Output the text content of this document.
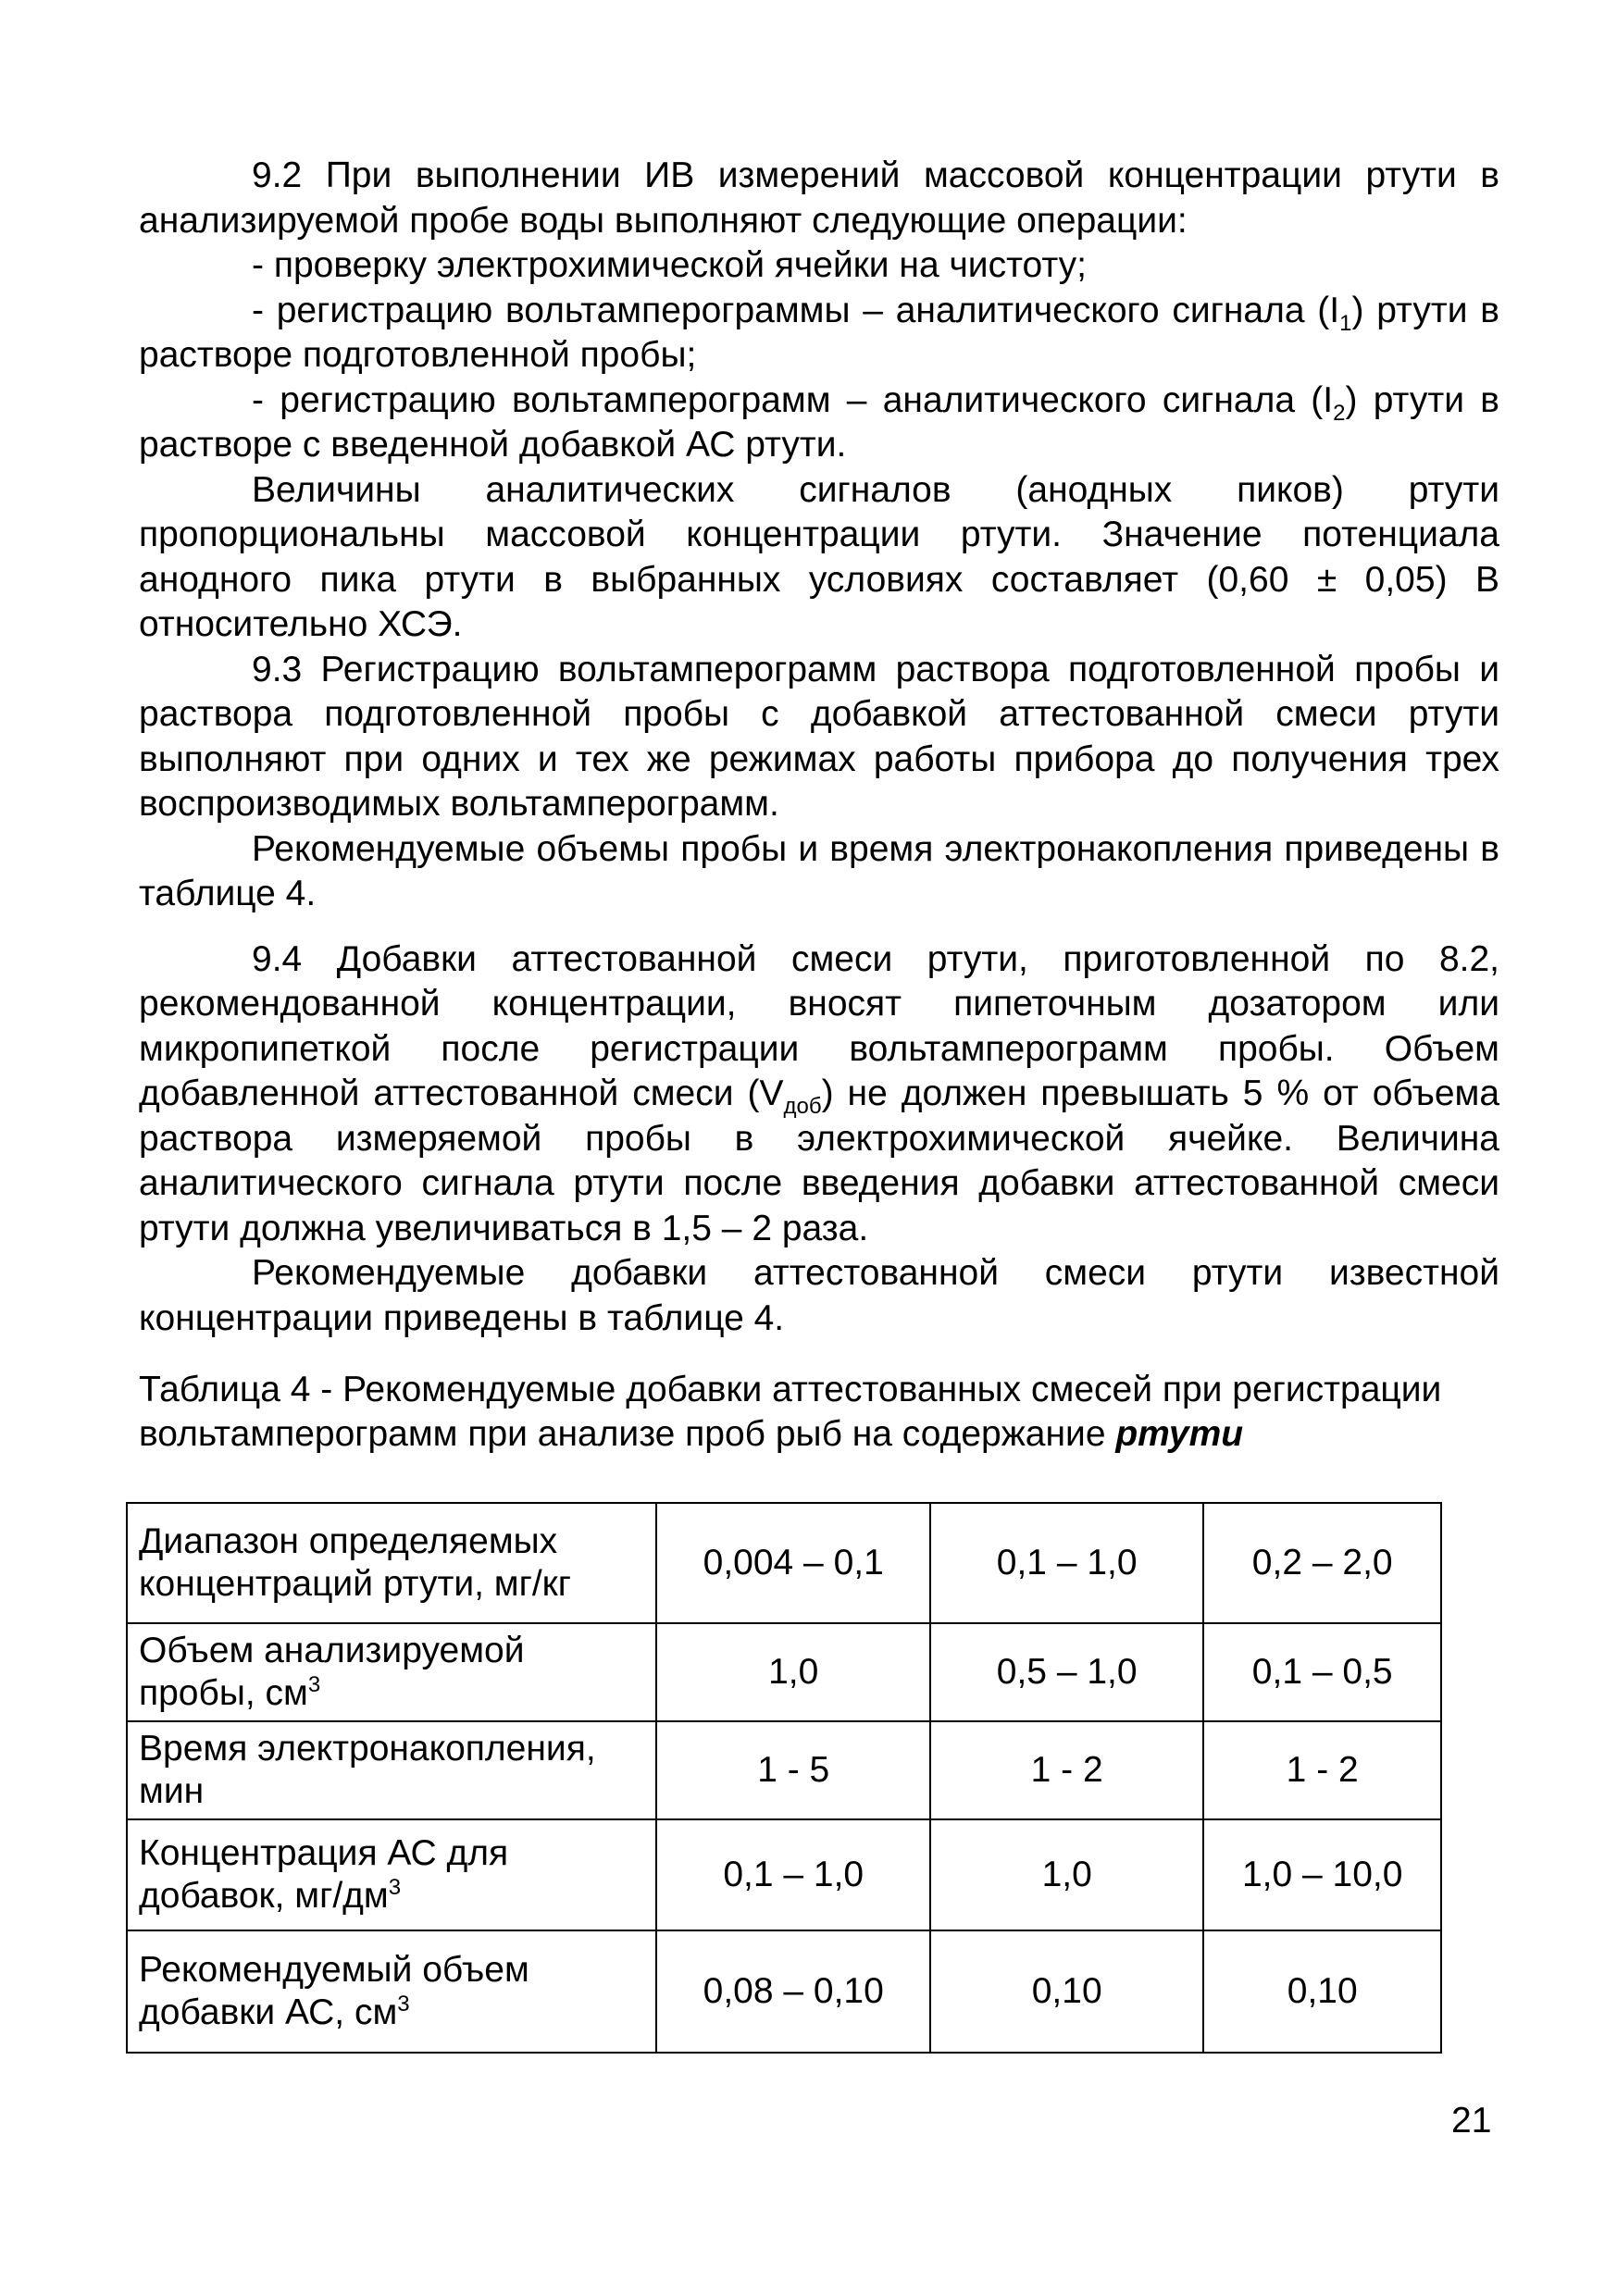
9.2 При выполнении ИВ измерений массовой концентрации ртути в анализируемой пробе воды выполняют следующие операции:

- проверку электрохимической ячейки на чистоту;

- регистрацию вольтамперограммы – аналитического сигнала $(I_1)$ ртути в растворе подготовленной пробы;

- регистрацию вольтамперограмм – аналитического сигнала $(I_2)$ ртути в растворе с введенной добавкой АС ртути.

Величины аналитических сигналов (анодных пиков) ртути пропорциональны массовой концентрации ртути. Значение потенциала анодного пика ртути в выбранных условиях составляет (0,60 ± 0,05) В относительно ХСЭ.

9.3 Регистрацию вольтамперограмм раствора подготовленной пробы и раствора подготовленной пробы с добавкой аттестованной смеси ртути выполняют при одних и тех же режимах работы прибора до получения трех воспроизводимых вольтамперограмм.

Рекомендуемые объемы пробы и время электронакопления приведены в таблице 4.

9.4 Добавки аттестованной смеси ртути, приготовленной по 8.2, рекомендованной концентрации, вносят пипеточным дозатором или микропипеткой после регистрации вольтамперограмм пробы. Объем добавленной аттестованной смеси $(V_{доб})$ не должен превышать 5 % от объема раствора измеряемой пробы в электрохимической ячейке. Величина аналитического сигнала ртути после введения добавки аттестованной смеси ртути должна увеличиваться в 1,5 – 2 раза.

Рекомендуемые добавки аттестованной смеси ртути известной концентрации приведены в таблице 4.

Таблица 4 - Рекомендуемые добавки аттестованных смесей при регистрации вольтамперограмм при анализе проб рыб на содержание ртути

Диапазон определяемых концентраций ртути, мг/кг	0,004 – 0,1	0,1 – 1,0	0,2 – 2,0
Объем анализируемой пробы, $см^3$	1,0	0,5 – 1,0	0,1 – 0,5
Время электронакопления, мин	1 - 5	1 - 2	1 - 2
Концентрация АС для добавок, $мг/дм^3$	0,1 – 1,0	1,0	1,0 – 10,0
Рекомендуемый объем добавки АС, $см^3$	0,08 – 0,10	0,10	0,10
21
